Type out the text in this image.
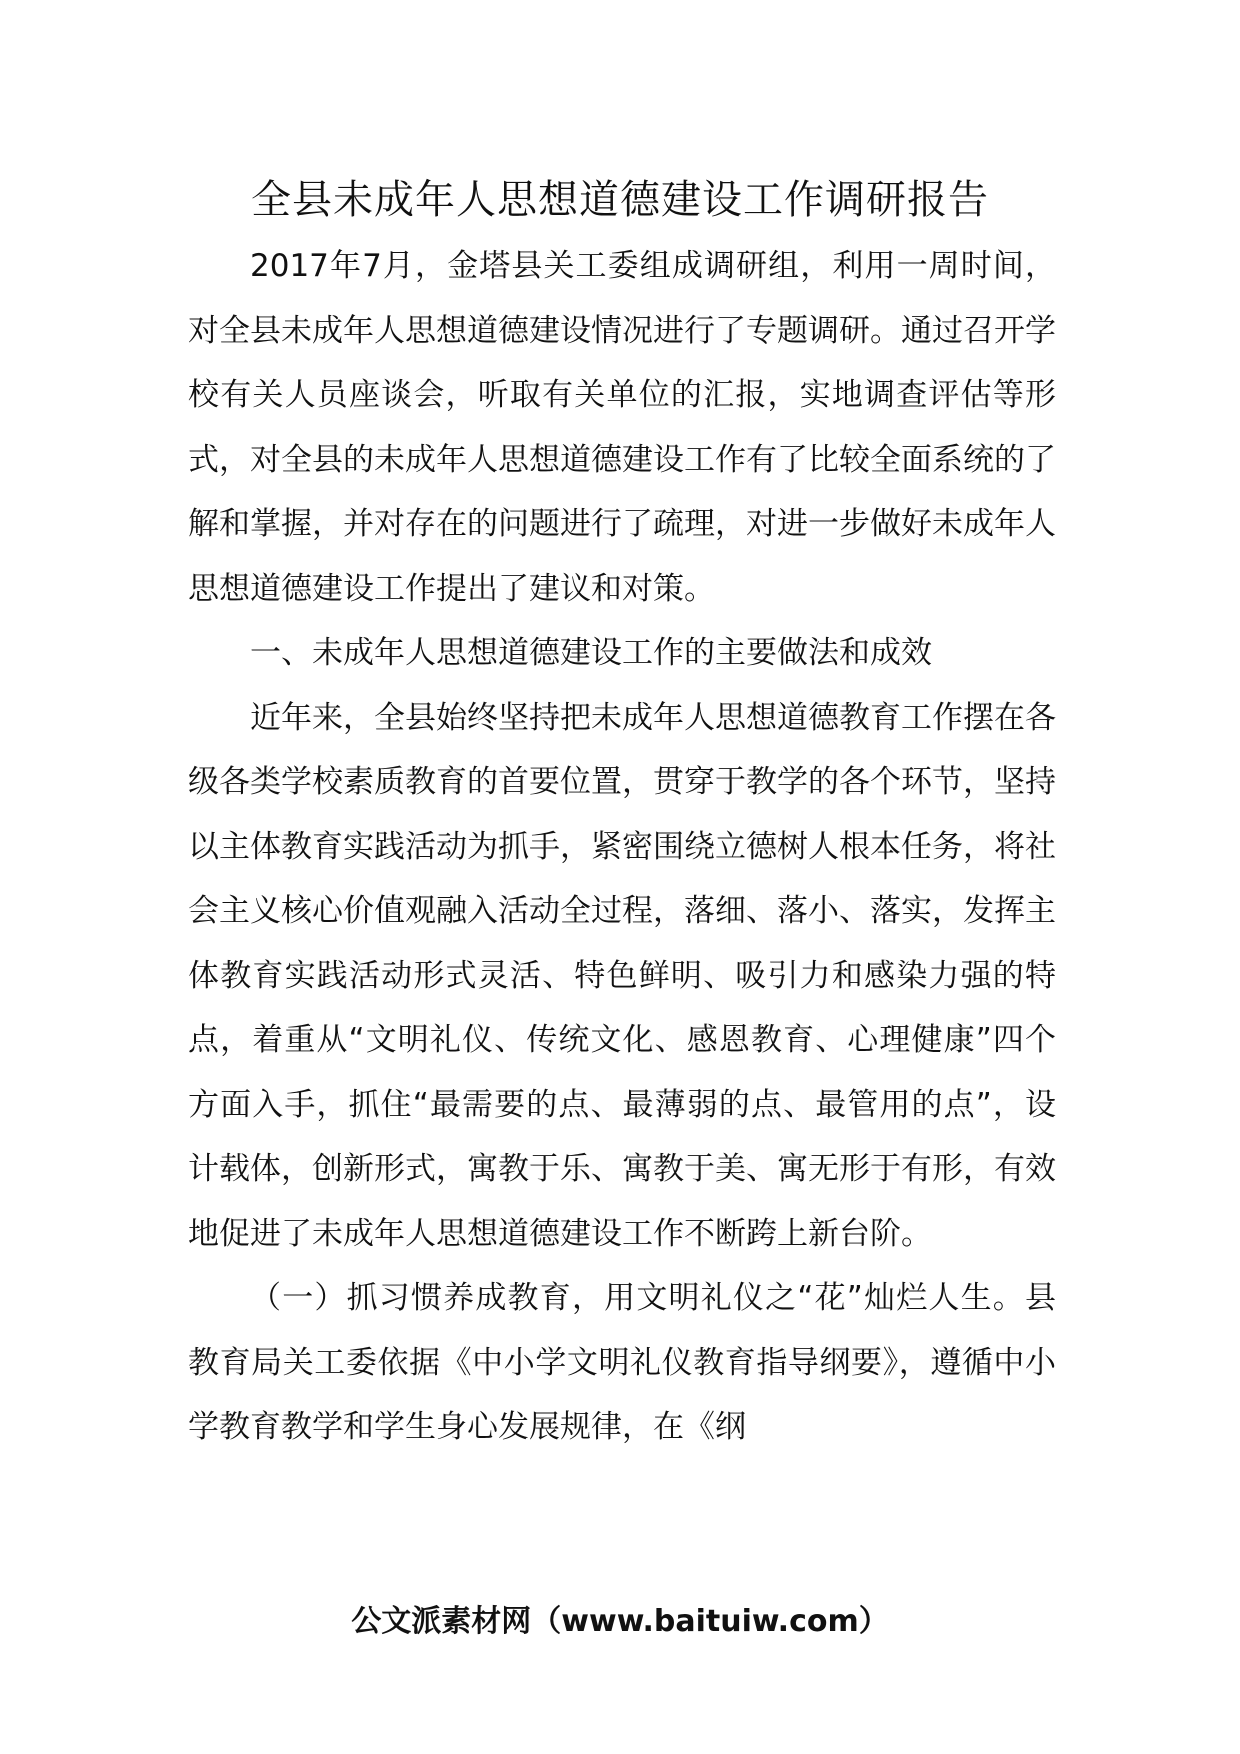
全县未成年人思想道德建设工作调研报告

2017年7月，金塔县关工委组成调研组，利用一周时间，对全县未成年人思想道德建设情况进行了专题调研。通过召开学校有关人员座谈会，听取有关单位的汇报，实地调查评估等形式，对全县的未成年人思想道德建设工作有了比较全面系统的了解和掌握，并对存在的问题进行了疏理，对进一步做好未成年人思想道德建设工作提出了建议和对策。

一、未成年人思想道德建设工作的主要做法和成效

近年来，全县始终坚持把未成年人思想道德教育工作摆在各级各类学校素质教育的首要位置，贯穿于教学的各个环节，坚持以主体教育实践活动为抓手，紧密围绕立德树人根本任务，将社会主义核心价值观融入活动全过程，落细、落小、落实，发挥主体教育实践活动形式灵活、特色鲜明、吸引力和感染力强的特点，着重从“文明礼仪、传统文化、感恩教育、心理健康”四个方面入手，抓住“最需要的点、最薄弱的点、最管用的点”，设计载体，创新形式，寓教于乐、寓教于美、寓无形于有形，有效地促进了未成年人思想道德建设工作不断跨上新台阶。

（一）抓习惯养成教育，用文明礼仪之“花”灿烂人生。县教育局关工委依据《中小学文明礼仪教育指导纲要》，遵循中小学教育教学和学生身心发展规律，在《纲

公文派素材网（www.baituiw.com）
